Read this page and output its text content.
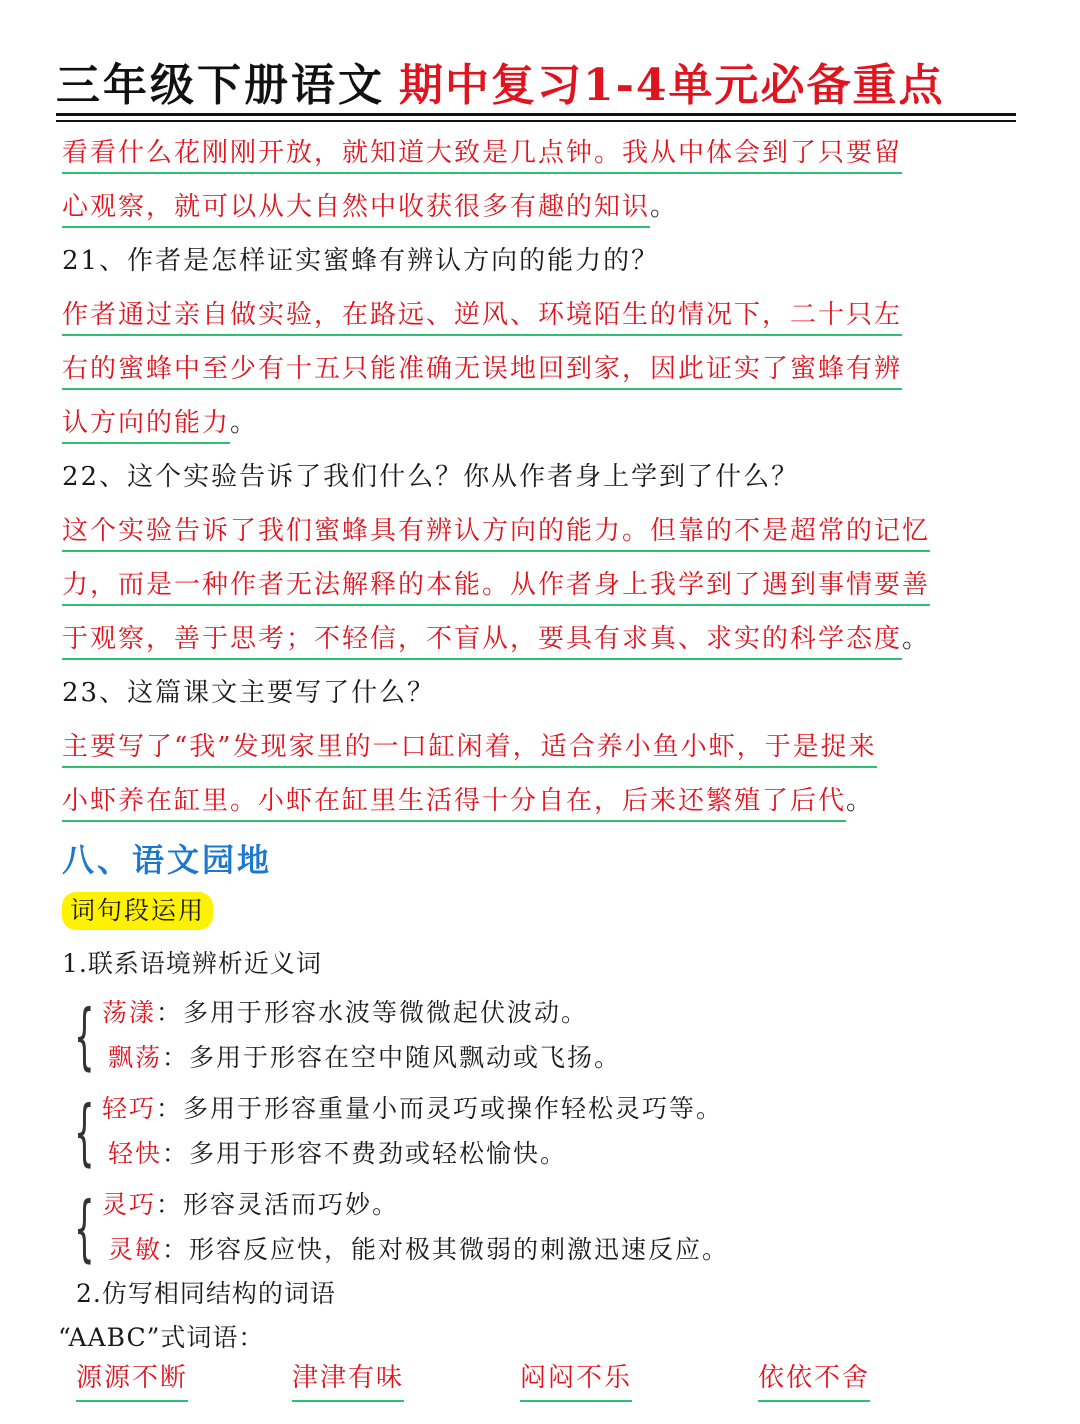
三年级下册语文 期中复习1-4单元必备重点

看看什么花刚刚开放，就知道大致是几点钟。我从中体会到了只要留
心观察，就可以从大自然中收获很多有趣的知识。

21、作者是怎样证实蜜蜂有辨认方向的能力的？

作者通过亲自做实验，在路远、逆风、环境陌生的情况下，二十只左
右的蜜蜂中至少有十五只能准确无误地回到家，因此证实了蜜蜂有辨
认方向的能力。

22、这个实验告诉了我们什么？你从作者身上学到了什么？

这个实验告诉了我们蜜蜂具有辨认方向的能力。但靠的不是超常的记忆
力，而是一种作者无法解释的本能。从作者身上我学到了遇到事情要善
于观察，善于思考；不轻信，不盲从，要具有求真、求实的科学态度。

23、这篇课文主要写了什么？

主要写了“我”发现家里的一口缸闲着，适合养小鱼小虾，于是捉来
小虾养在缸里。小虾在缸里生活得十分自在，后来还繁殖了后代。

八、语文园地
词句段运用
1.联系语境辨析近义词
{ 荡漾：多用于形容水波等微微起伏波动。
飘荡：多用于形容在空中随风飘动或飞扬。
{ 轻巧：多用于形容重量小而灵巧或操作轻松灵巧等。
轻快：多用于形容不费劲或轻松愉快。
{ 灵巧：形容灵活而巧妙。
灵敏：形容反应快，能对极其微弱的刺激迅速反应。
2.仿写相同结构的词语
“AABC”式词语：
源源不断	津津有味	闷闷不乐	依依不舍
